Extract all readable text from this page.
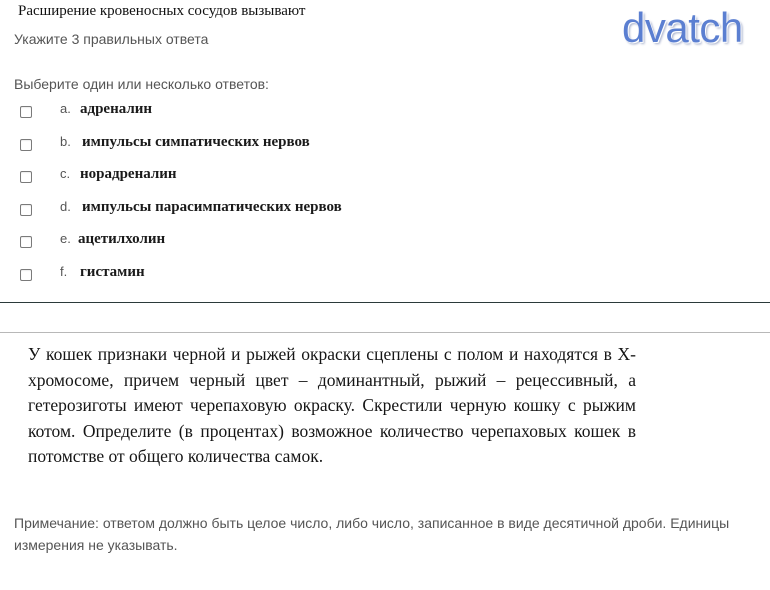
Расширение кровеносных сосудов вызывают
Укажите 3 правильных ответа
Выберите один или несколько ответов:
dvatch
a. адреналин
b. импульсы симпатических нервов
c. норадреналин
d. импульсы парасимпатических нервов
e. ацетилхолин
f. гистамин
У кошек признаки черной и рыжей окраски сцеплены с полом и находятся в Х-хромосоме, причем черный цвет – доминантный, рыжий – рецессивный, а гетерозиготы имеют черепаховую окраску. Скрестили черную кошку с рыжим котом. Определите (в процентах) возможное количество черепаховых кошек в потомстве от общего количества самок.
Примечание: ответом должно быть целое число, либо число, записанное в виде десятичной дроби. Единицы измерения не указывать.
